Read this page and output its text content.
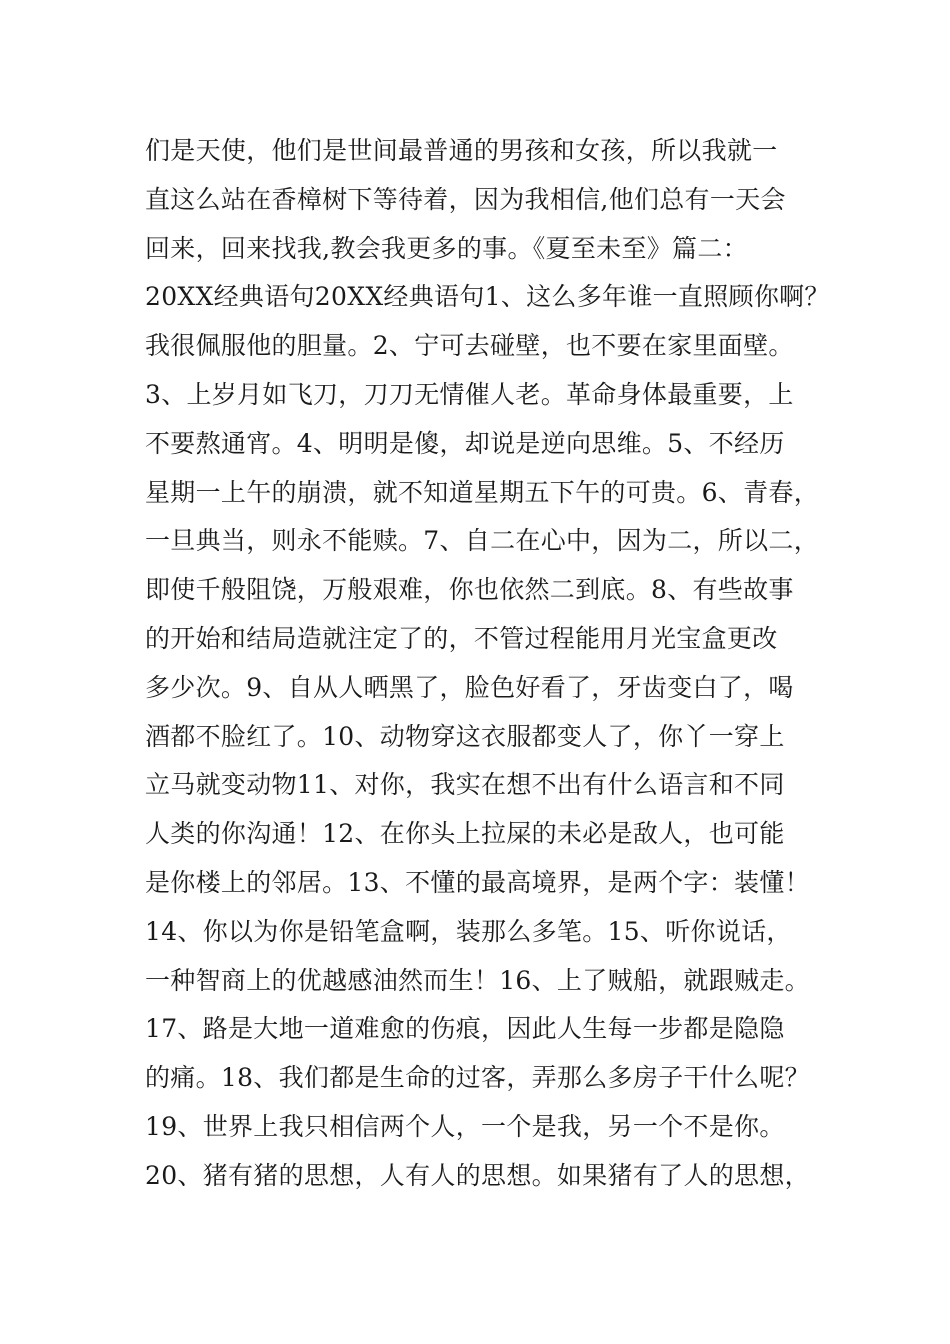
们是天使，他们是世间最普通的男孩和女孩，所以我就一
直这么站在香樟树下等待着，因为我相信,他们总有一天会
回来，回来找我,教会我更多的事。《夏至未至》篇二：
20XX经典语句20XX经典语句1、这么多年谁一直照顾你啊？
我很佩服他的胆量。2、宁可去碰壁，也不要在家里面壁。
3、上岁月如飞刀，刀刀无情催人老。革命身体最重要，上
不要熬通宵。4、明明是傻，却说是逆向思维。5、不经历
星期一上午的崩溃，就不知道星期五下午的可贵。6、青春，
一旦典当，则永不能赎。7、自二在心中，因为二，所以二，
即使千般阻饶，万般艰难，你也依然二到底。8、有些故事
的开始和结局造就注定了的，不管过程能用月光宝盒更改
多少次。9、自从人晒黑了，脸色好看了，牙齿变白了，喝
酒都不脸红了。10、动物穿这衣服都变人了，你丫一穿上
立马就变动物11、对你，我实在想不出有什么语言和不同
人类的你沟通！12、在你头上拉屎的未必是敌人，也可能
是你楼上的邻居。13、不懂的最高境界，是两个字：装懂！
14、你以为你是铅笔盒啊，装那么多笔。15、听你说话，
一种智商上的优越感油然而生！16、上了贼船，就跟贼走。
17、路是大地一道难愈的伤痕，因此人生每一步都是隐隐
的痛。18、我们都是生命的过客，弄那么多房子干什么呢？
19、世界上我只相信两个人，一个是我，另一个不是你。
20、猪有猪的思想，人有人的思想。如果猪有了人的思想，
